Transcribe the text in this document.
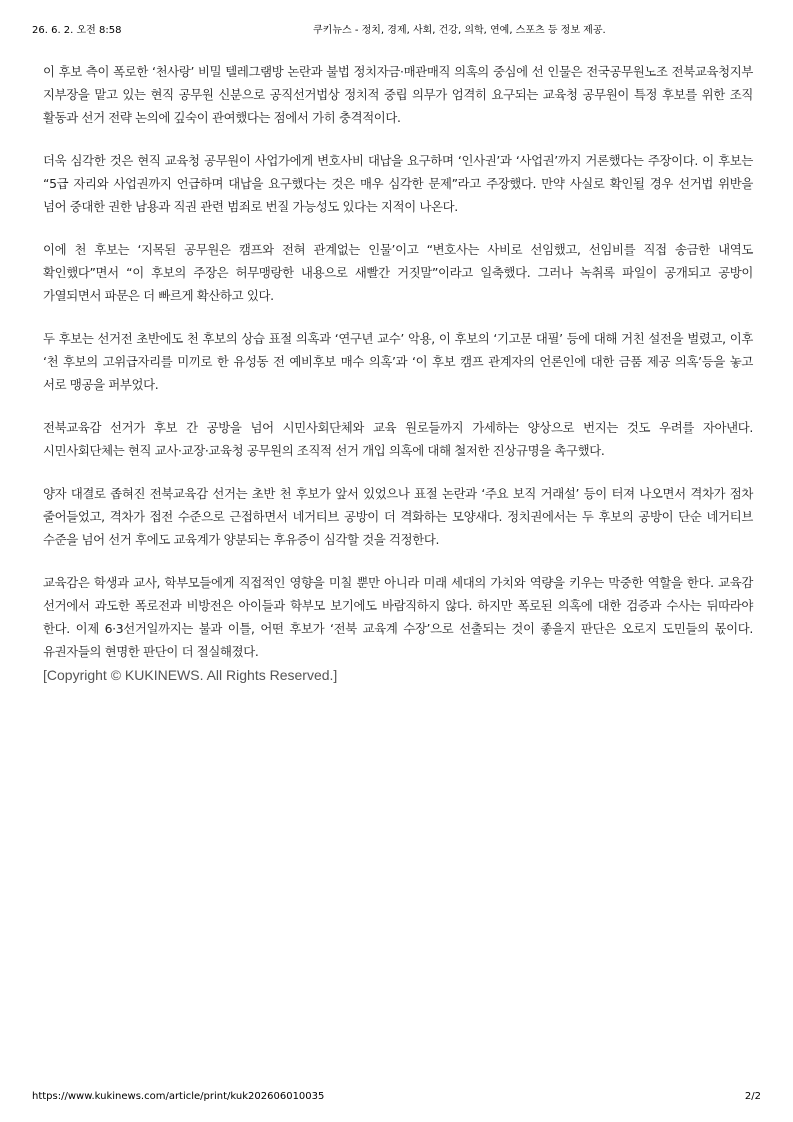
26. 6. 2. 오전 8:58	쿠키뉴스 - 정치, 경제, 사회, 건강, 의학, 연예, 스포츠 등 정보 제공.

이 후보 측이 폭로한 ‘천사랑’ 비밀 텔레그램방 논란과 불법 정치자금·매관매직 의혹의 중심에 선 인물은 전국공무원노조 전북교육청지부 지부장을 맡고 있는 현직 공무원 신분으로 공직선거법상 정치적 중립 의무가 엄격히 요구되는 교육청 공무원이 특정 후보를 위한 조직 활동과 선거 전략 논의에 깊숙이 관여했다는 점에서 가히 충격적이다.

더욱 심각한 것은 현직 교육청 공무원이 사업가에게 변호사비 대납을 요구하며 ‘인사권’과 ‘사업권’까지 거론했다는 주장이다. 이 후보는 “5급 자리와 사업권까지 언급하며 대납을 요구했다는 것은 매우 심각한 문제”라고 주장했다. 만약 사실로 확인될 경우 선거법 위반을 넘어 중대한 권한 남용과 직권 관련 범죄로 번질 가능성도 있다는 지적이 나온다.

이에 천 후보는 ‘지목된 공무원은 캠프와 전혀 관계없는 인물’이고 “변호사는 사비로 선임했고, 선임비를 직접 송금한 내역도 확인했다”면서 “이 후보의 주장은 허무맹랑한 내용으로 새빨간 거짓말”이라고 일축했다. 그러나 녹취록 파일이 공개되고 공방이 가열되면서 파문은 더 빠르게 확산하고 있다.

두 후보는 선거전 초반에도 천 후보의 상습 표절 의혹과 ‘연구년 교수’ 악용, 이 후보의 ‘기고문 대필’ 등에 대해 거친 설전을 벌렸고, 이후 ‘천 후보의 고위급자리를 미끼로 한 유성동 전 예비후보 매수 의혹’과 ‘이 후보 캠프 관계자의 언론인에 대한 금품 제공 의혹’등을 놓고 서로 맹공을 퍼부었다.

전북교육감 선거가 후보 간 공방을 넘어 시민사회단체와 교육 원로들까지 가세하는 양상으로 번지는 것도 우려를 자아낸다. 시민사회단체는 현직 교사·교장·교육청 공무원의 조직적 선거 개입 의혹에 대해 철저한 진상규명을 촉구했다.

양자 대결로 좁혀진 전북교육감 선거는 초반 천 후보가 앞서 있었으나 표절 논란과 ‘주요 보직 거래설’ 등이 터져 나오면서 격차가 점차 줄어들었고, 격차가 접전 수준으로 근접하면서 네거티브 공방이 더 격화하는 모양새다. 정치권에서는 두 후보의 공방이 단순 네거티브 수준을 넘어 선거 후에도 교육계가 양분되는 후유증이 심각할 것을 걱정한다.

교육감은 학생과 교사, 학부모들에게 직접적인 영향을 미칠 뿐만 아니라 미래 세대의 가치와 역량을 키우는 막중한 역할을 한다. 교육감 선거에서 과도한 폭로전과 비방전은 아이들과 학부모 보기에도 바람직하지 않다. 하지만 폭로된 의혹에 대한 검증과 수사는 뒤따라야 한다. 이제 6·3선거일까지는 불과 이틀, 어떤 후보가 ‘전북 교육계 수장’으로 선출되는 것이 좋을지 판단은 오로지 도민들의 몫이다. 유권자들의 현명한 판단이 더 절실해졌다.

[Copyright © KUKINEWS. All Rights Reserved.]
https://www.kukinews.com/article/print/kuk202606010035	2/2
